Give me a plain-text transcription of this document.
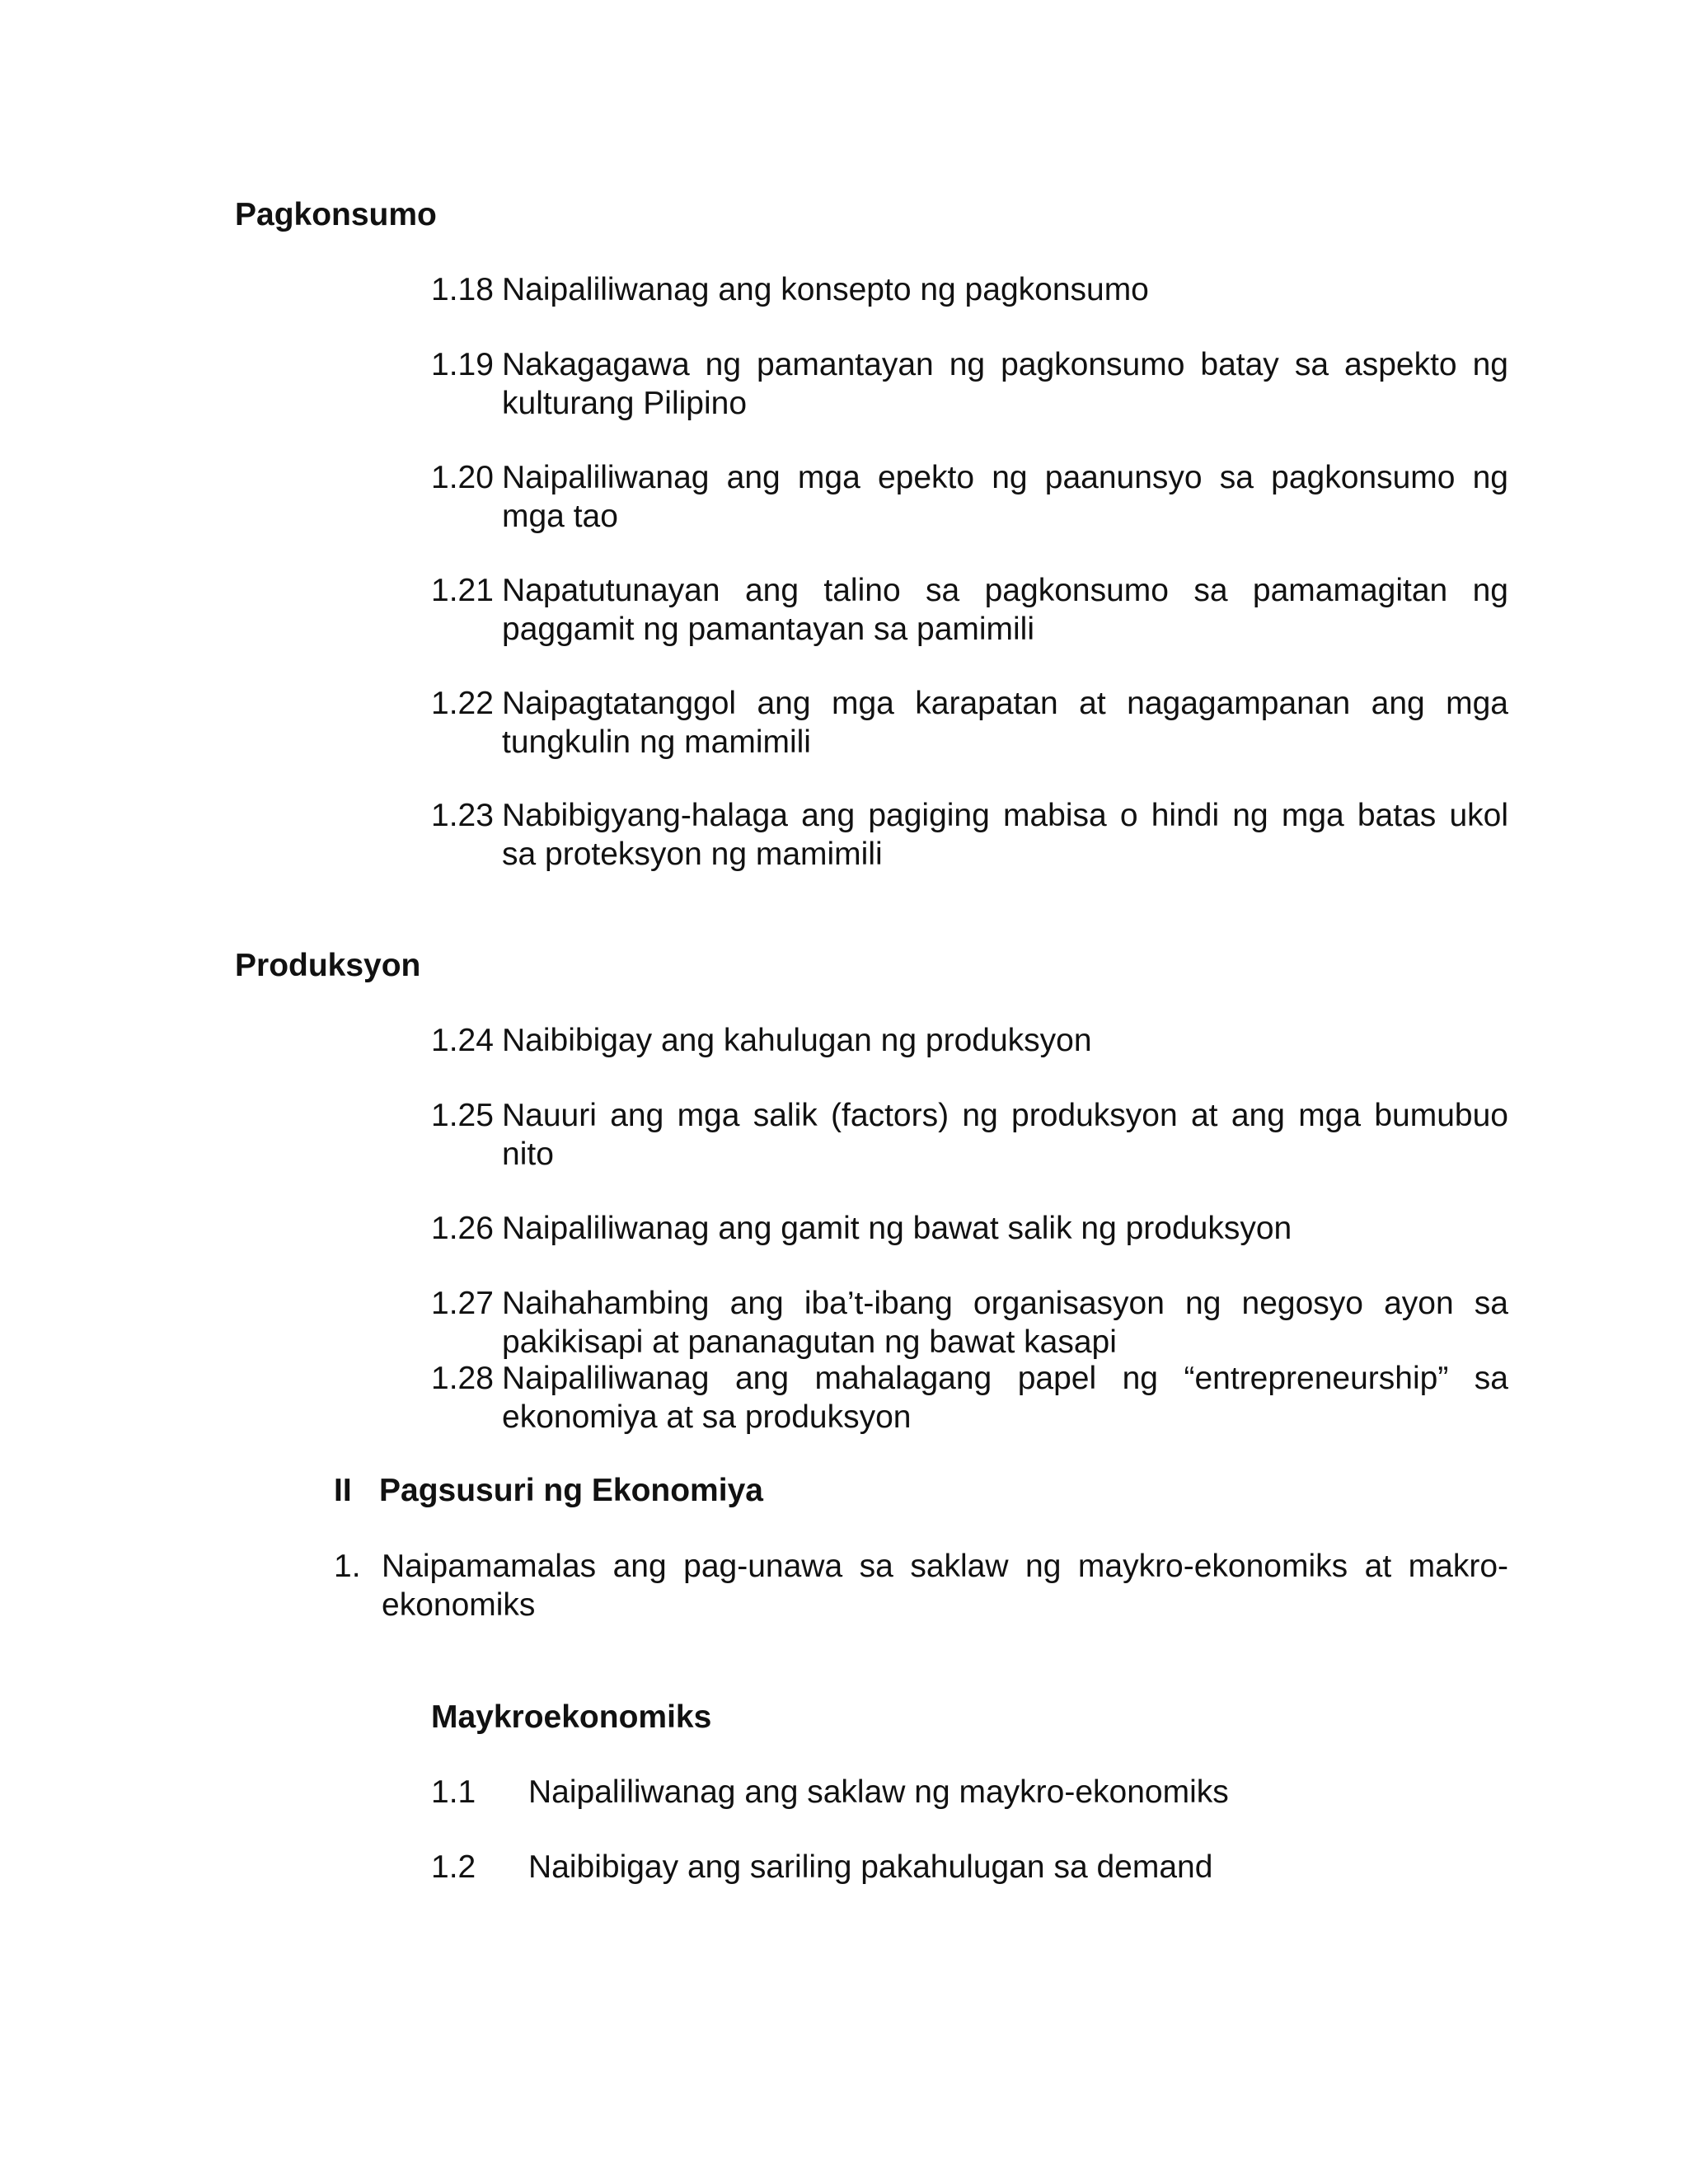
Pagkonsumo
1.18 Naipaliliwanag ang konsepto ng pagkonsumo
1.19 Nakagagawa ng pamantayan ng pagkonsumo batay sa aspekto ng kulturang Pilipino
1.20 Naipaliliwanag ang mga epekto ng paanunsyo sa pagkonsumo ng mga tao
1.21 Napatutunayan ang talino sa pagkonsumo sa pamamagitan ng paggamit ng pamantayan sa pamimili
1.22 Naipagtatanggol ang mga karapatan at nagagampanan ang mga tungkulin ng mamimili
1.23 Nabibigyang-halaga ang pagiging mabisa o hindi ng mga batas ukol sa proteksyon ng mamimili
Produksyon
1.24 Naibibigay ang kahulugan ng produksyon
1.25 Nauuri ang mga salik (factors) ng produksyon at ang mga bumubuo nito
1.26 Naipaliliwanag ang gamit ng bawat salik ng produksyon
1.27 Naihahambing ang iba’t-ibang organisasyon ng negosyo ayon sa pakikisapi at pananagutan ng bawat kasapi
1.28 Naipaliliwanag ang mahalagang papel ng “entrepreneurship” sa ekonomiya at sa produksyon
II Pagsusuri ng Ekonomiya
1. Naipamamalas ang pag-unawa sa saklaw ng maykro-ekonomiks at makro-ekonomiks
Maykroekonomiks
1.1	Naipaliliwanag ang saklaw ng maykro-ekonomiks
1.2	Naibibigay ang sariling pakahulugan sa demand
